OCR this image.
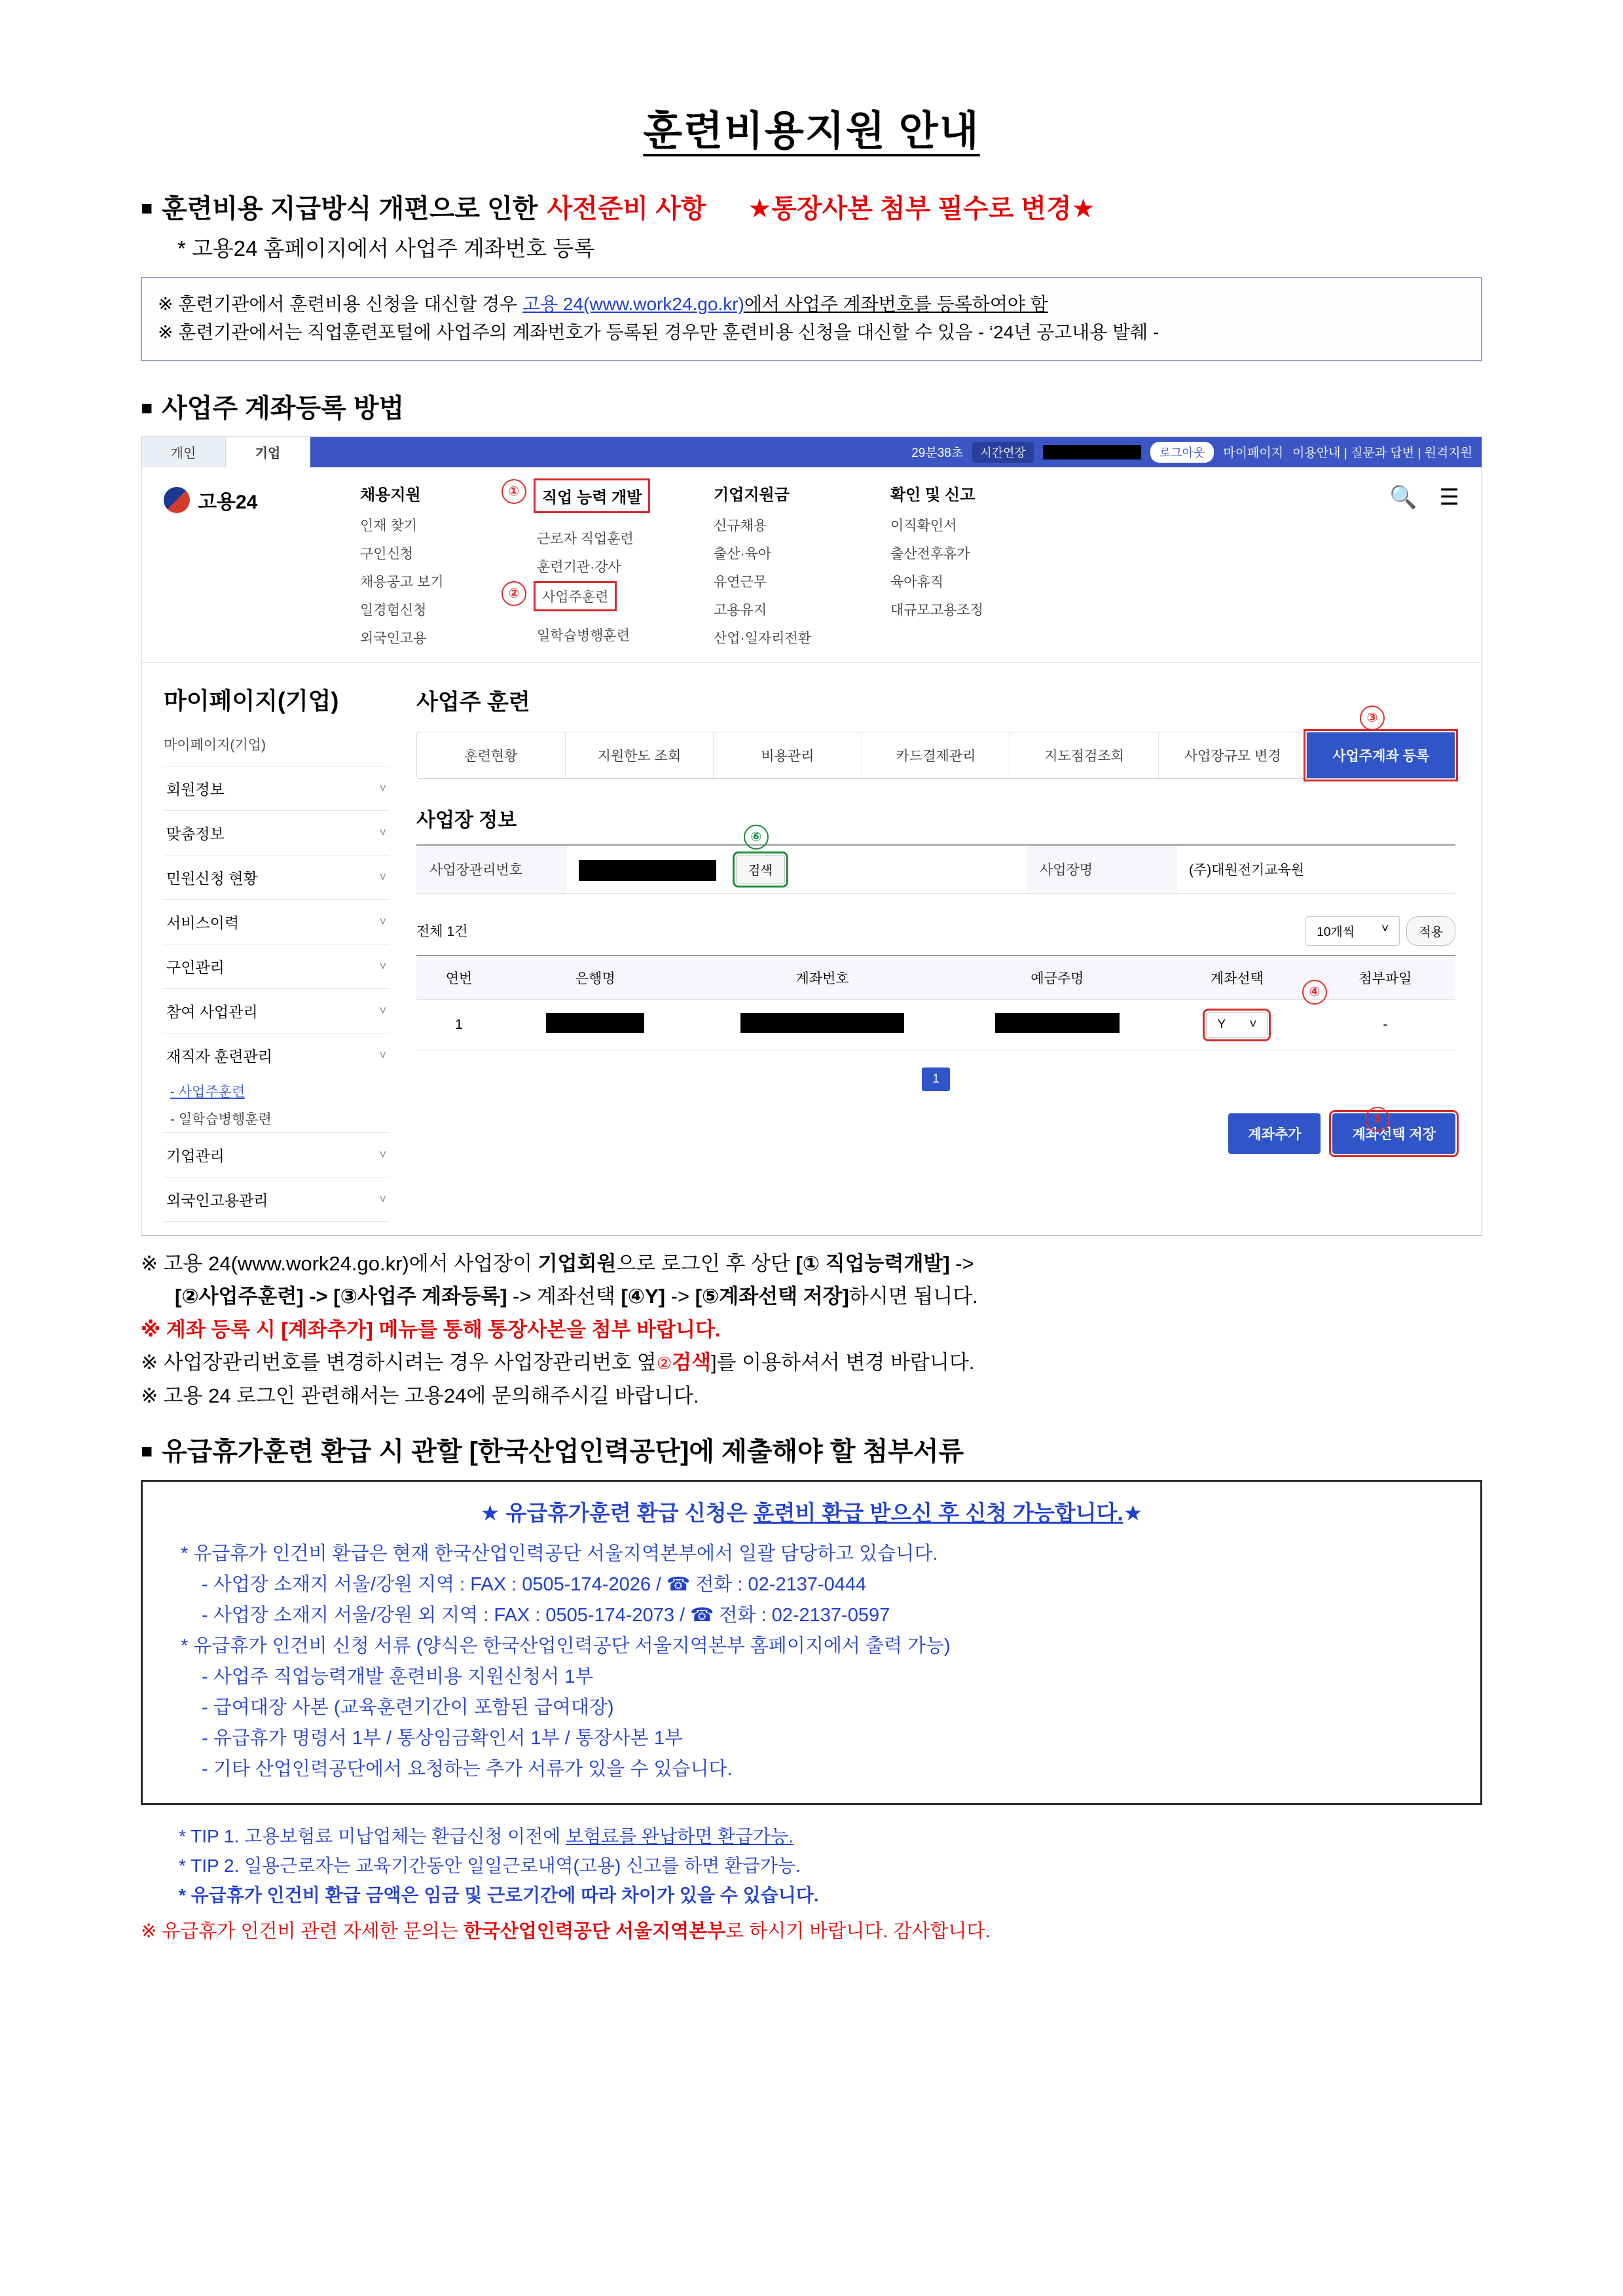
훈련비용지원 안내
■ 훈련비용 지급방식 개편으로 인한 사전준비 사항 ★통장사본 첨부 필수로 변경★
* 고용24 홈페이지에서 사업주 계좌번호 등록
※ 훈련기관에서 훈련비용 신청을 대신할 경우 고용 24(www.work24.go.kr)에서 사업주 계좌번호를 등록하여야 함
※ 훈련기관에서는 직업훈련포털에 사업주의 계좌번호가 등록된 경우만 훈련비용 신청을 대신할 수 있음 - ‘24년 공고내용 발췌 -
■ 사업주 계좌등록 방법
개인	기업	29분38초	시간연장	로그아웃	마이페이지 이용안내 | 질문과 답변 | 원격지원
고용24	채용지원
인재 찾기
구인신청
채용공고 보기
일경험신청
외국인고용
①	직업 능력 개발
근로자 직업훈련
훈련기관·강사
사업주훈련
②
일학습병행훈련
기업지원금
신규채용
출산·육아
유연근무
고용유지
산업·일자리전환
확인 및 신고
이직확인서
출산전후휴가
육아휴직
대규모고용조정
🔍 ☰
마이페이지(기업)
마이페이지(기업)
회원정보	˅
맞춤정보	˅
민원신청 현황	˅
서비스이력	˅
구인관리	˅
참여 사업관리	˅
재직자 훈련관리	˅
- 사업주훈련
- 일학습병행훈련
기업관리	˅
외국인고용관리	˅
사업주 훈련
③
훈련현황	지원한도 조회	비용관리	카드결제관리	지도점검조회	사업장규모 변경	사업주계좌 등록
사업장 정보
사업장관리번호	검색
⑥
	사업장명	(주)대원전기교육원
전체 1건	10개씩 ˅	적용
④
연번	은행명	계좌번호	예금주명	계좌선택	첨부파일
1				Y ˅	-
1
⑤
계좌추가	계좌선택 저장
※ 고용 24(www.work24.go.kr)에서 사업장이 기업회원으로 로그인 후 상단 [① 직업능력개발] ->
[②사업주훈련] -> [③사업주 계좌등록] -> 계좌선택 [④Y] -> [⑤계좌선택 저장]하시면 됩니다.
※ 계좌 등록 시 [계좌추가] 메뉴를 통해 통장사본을 첨부 바랍니다.
※ 사업장관리번호를 변경하시려는 경우 사업장관리번호 옆②검색]를 이용하셔서 변경 바랍니다.
※ 고용 24 로그인 관련해서는 고용24에 문의해주시길 바랍니다.
■ 유급휴가훈련 환급 시 관할 [한국산업인력공단]에 제출해야 할 첨부서류
★ 유급휴가훈련 환급 신청은 훈련비 환급 받으신 후 신청 가능합니다.★
* 유급휴가 인건비 환급은 현재 한국산업인력공단 서울지역본부에서 일괄 담당하고 있습니다.
- 사업장 소재지 서울/강원 지역 : FAX : 0505-174-2026 / ☎ 전화 : 02-2137-0444
- 사업장 소재지 서울/강원 외 지역 : FAX : 0505-174-2073 / ☎ 전화 : 02-2137-0597
* 유급휴가 인건비 신청 서류 (양식은 한국산업인력공단 서울지역본부 홈페이지에서 출력 가능)
- 사업주 직업능력개발 훈련비용 지원신청서 1부
- 급여대장 사본 (교육훈련기간이 포함된 급여대장)
- 유급휴가 명령서 1부 / 통상임금확인서 1부 / 통장사본 1부
- 기타 산업인력공단에서 요청하는 추가 서류가 있을 수 있습니다.
* TIP 1. 고용보험료 미납업체는 환급신청 이전에 보험료를 완납하면 환급가능.
* TIP 2. 일용근로자는 교육기간동안 일일근로내역(고용) 신고를 하면 환급가능.
* 유급휴가 인건비 환급 금액은 임금 및 근로기간에 따라 차이가 있을 수 있습니다.
※ 유급휴가 인건비 관련 자세한 문의는 한국산업인력공단 서울지역본부로 하시기 바랍니다. 감사합니다.
